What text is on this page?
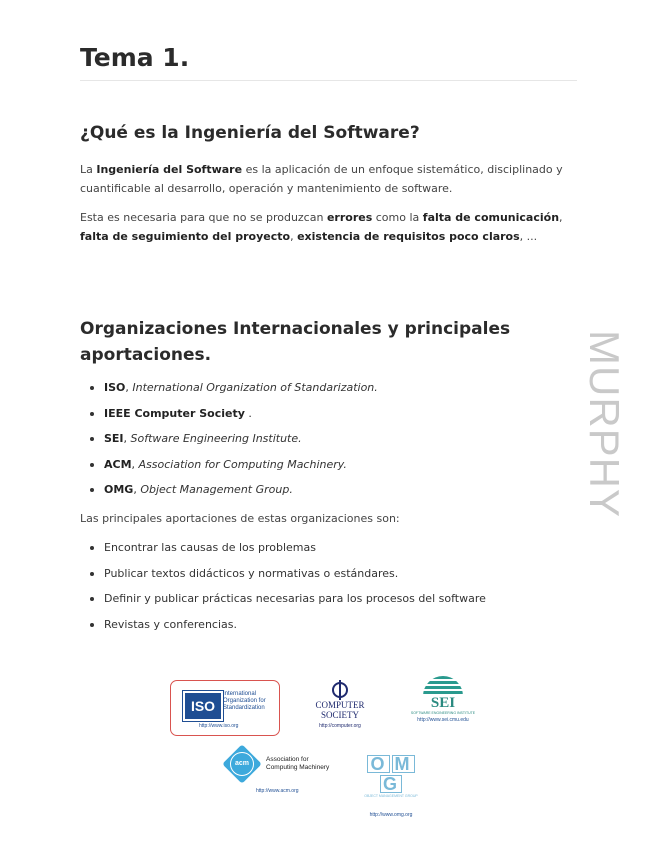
Tema 1.
¿Qué es la Ingeniería del Software?

La Ingeniería del Software es la aplicación de un enfoque sistemático, disciplinado y cuantificable al desarrollo, operación y mantenimiento de software.

Esta es necesaria para que no se produzcan errores como la falta de comunicación, falta de seguimiento del proyecto, existencia de requisitos poco claros, ...

Organizaciones Internacionales y principales aportaciones.
ISO, International Organization of Standarization.
IEEE Computer Society .
SEI, Software Engineering Institute.
ACM, Association for Computing Machinery.
OMG, Object Management Group.

Las principales aportaciones de estas organizaciones son:

Encontrar las causas de los problemas
Publicar textos didácticos y normativas o estándares.
Definir y publicar prácticas necesarias para los procesos del software
Revistas y conferencias.
MURPHY
ISO
International
Organization for
Standardization
http://www.iso.org
COMPUTER
SOCIETY
http://computer.org
SEI
SOFTWARE ENGINEERING INSTITUTE
http://www.sei.cmu.edu
acm
Association for
Computing Machinery
http://www.acm.org
O MG
OBJECT MANAGEMENT GROUP
http://www.omg.org
